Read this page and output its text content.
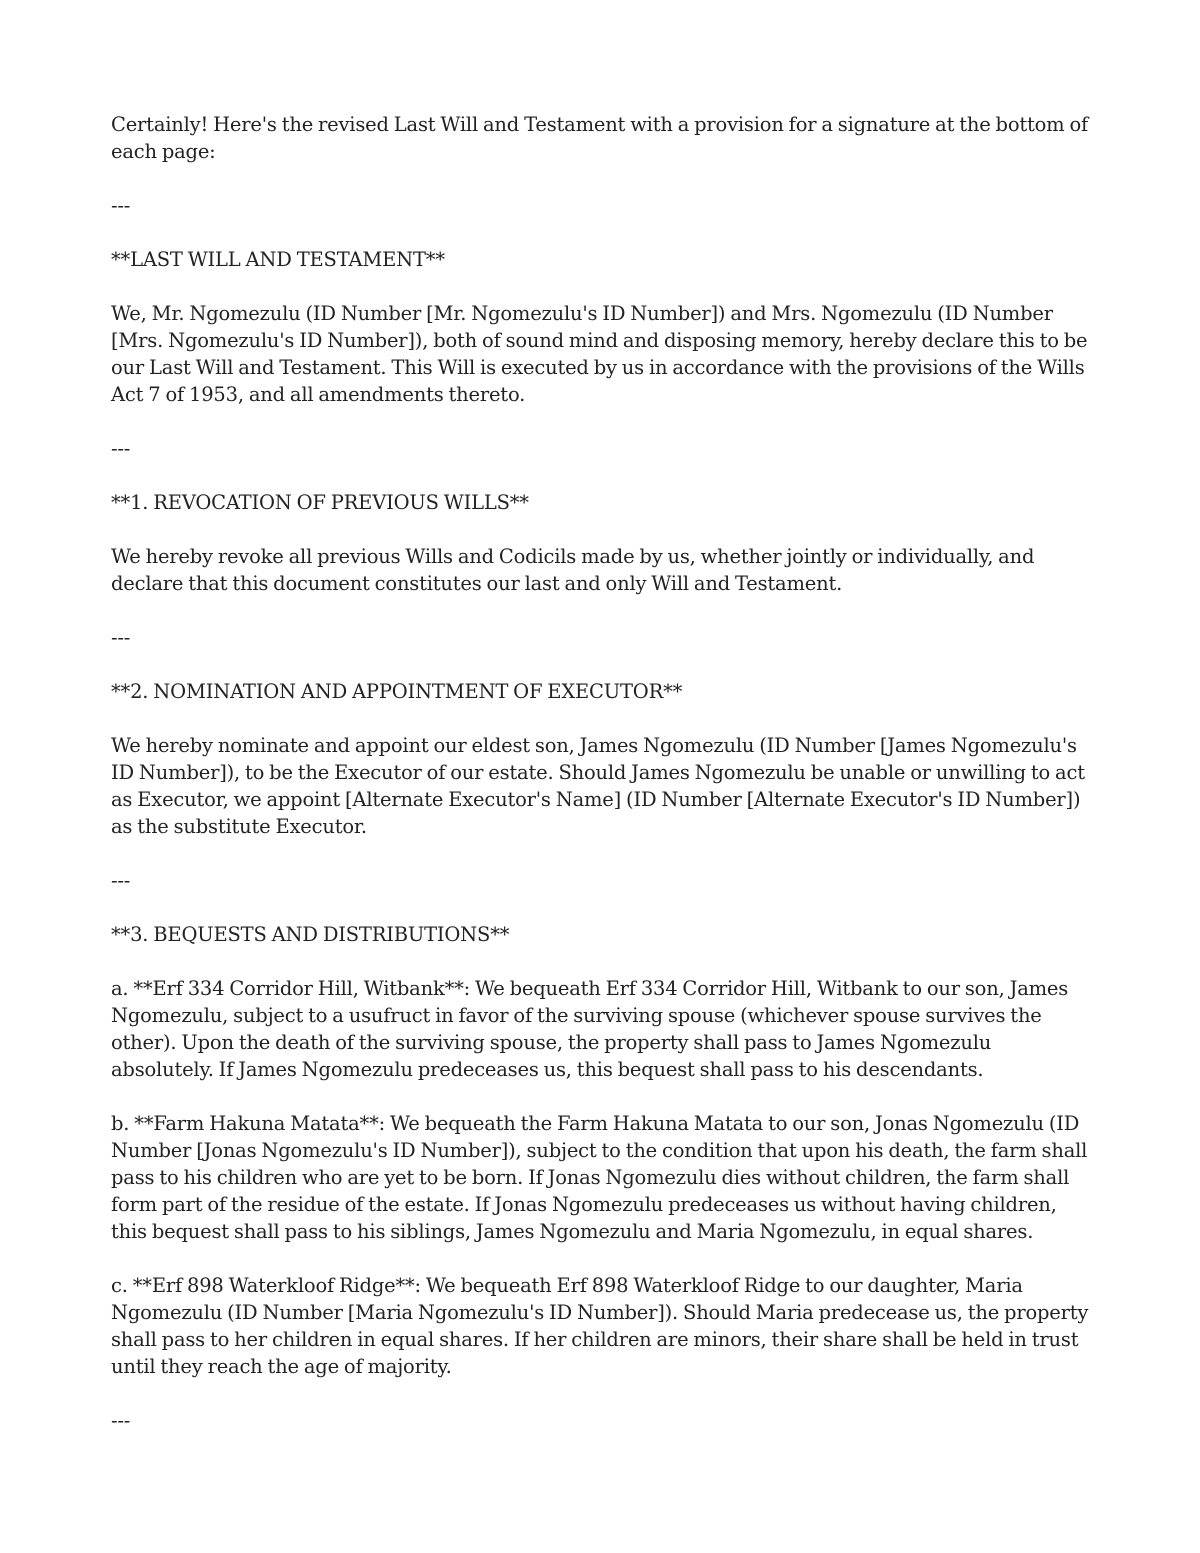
Certainly! Here's the revised Last Will and Testament with a provision for a signature at the bottom of each page:

---

**LAST WILL AND TESTAMENT**

We, Mr. Ngomezulu (ID Number [Mr. Ngomezulu's ID Number]) and Mrs. Ngomezulu (ID Number [Mrs. Ngomezulu's ID Number]), both of sound mind and disposing memory, hereby declare this to be our Last Will and Testament. This Will is executed by us in accordance with the provisions of the Wills Act 7 of 1953, and all amendments thereto.

---

**1. REVOCATION OF PREVIOUS WILLS**

We hereby revoke all previous Wills and Codicils made by us, whether jointly or individually, and declare that this document constitutes our last and only Will and Testament.

---

**2. NOMINATION AND APPOINTMENT OF EXECUTOR**

We hereby nominate and appoint our eldest son, James Ngomezulu (ID Number [James Ngomezulu's ID Number]), to be the Executor of our estate. Should James Ngomezulu be unable or unwilling to act as Executor, we appoint [Alternate Executor's Name] (ID Number [Alternate Executor's ID Number]) as the substitute Executor.

---

**3. BEQUESTS AND DISTRIBUTIONS**

a. **Erf 334 Corridor Hill, Witbank**: We bequeath Erf 334 Corridor Hill, Witbank to our son, James Ngomezulu, subject to a usufruct in favor of the surviving spouse (whichever spouse survives the other). Upon the death of the surviving spouse, the property shall pass to James Ngomezulu absolutely. If James Ngomezulu predeceases us, this bequest shall pass to his descendants.

b. **Farm Hakuna Matata**: We bequeath the Farm Hakuna Matata to our son, Jonas Ngomezulu (ID Number [Jonas Ngomezulu's ID Number]), subject to the condition that upon his death, the farm shall pass to his children who are yet to be born. If Jonas Ngomezulu dies without children, the farm shall form part of the residue of the estate. If Jonas Ngomezulu predeceases us without having children, this bequest shall pass to his siblings, James Ngomezulu and Maria Ngomezulu, in equal shares.

c. **Erf 898 Waterkloof Ridge**: We bequeath Erf 898 Waterkloof Ridge to our daughter, Maria Ngomezulu (ID Number [Maria Ngomezulu's ID Number]). Should Maria predecease us, the property shall pass to her children in equal shares. If her children are minors, their share shall be held in trust until they reach the age of majority.

---
